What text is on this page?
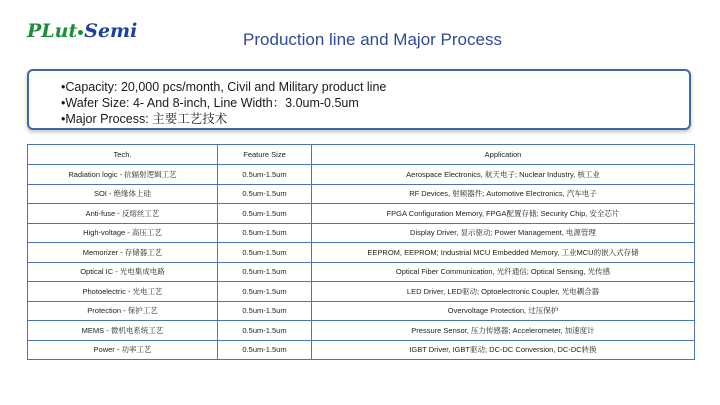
PLut Semi	Production line and Major Process
•Capacity: 20,000 pcs/month, Civil and Military product line
•Wafer Size: 4- And 8-inch, Line Width：3.0um-0.5um
•Major Process: 主要工艺技术
Tech.	Feature Size	Application
Radiation logic - 抗辐射逻辑工艺	0.5um-1.5um	Aerospace Electronics, 航天电子; Nuclear Industry, 核工业
SOI - 绝缘体上硅	0.5um-1.5um	RF Devices, 射频器件; Automotive Electronics, 汽车电子
Anti-fuse - 反熔丝工艺	0.5um-1.5um	FPGA Configuration Memory, FPGA配置存储; Security Chip, 安全芯片
High-voltage - 高压工艺	0.5um-1.5um	Display Driver, 显示驱动; Power Management, 电源管理
Memorizer - 存储器工艺	0.5um-1.5um	EEPROM, EEPROM; Industrial MCU Embedded Memory, 工业MCU的嵌入式存储
Optical IC - 光电集成电路	0.5um-1.5um	Optical Fiber Communication, 光纤通信; Optical Sensing, 光传感
Photoelectric - 光电工艺	0.5um-1.5um	LED Driver, LED驱动; Optoelectronic Coupler, 光电耦合器
Protection - 保护工艺	0.5um-1.5um	Overvoltage Protection, 过压保护
MEMS - 微机电系统工艺	0.5um-1.5um	Pressure Sensor, 压力传感器; Accelerometer, 加速度计
Power - 功率工艺	0.5um-1.5um	IGBT Driver, IGBT驱动; DC-DC Conversion, DC-DC转换
